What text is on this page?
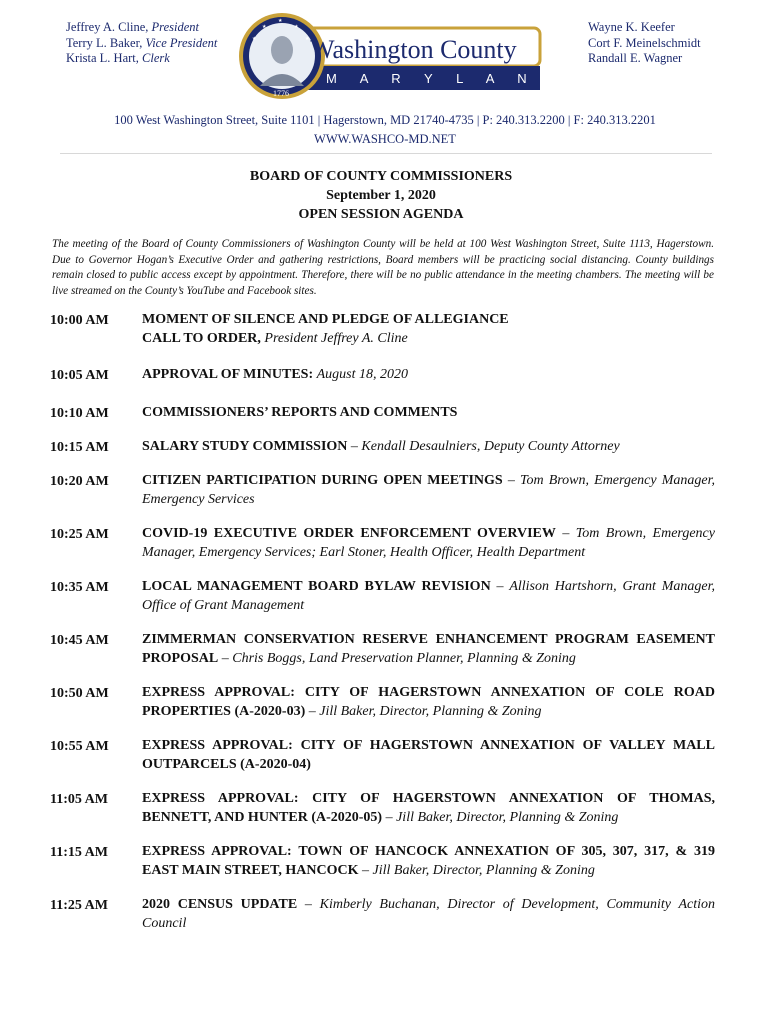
Jeffrey A. Cline, President
Terry L. Baker, Vice President
Krista L. Hart, Clerk
★
★
★
★
★
1776
Washington County
M A R Y L A N D
Wayne K. Keefer
Cort F. Meinelschmidt
Randall E. Wagner
100 West Washington Street, Suite 1101 | Hagerstown, MD 21740-4735 | P: 240.313.2200 | F: 240.313.2201
WWW.WASHCO-MD.NET
BOARD OF COUNTY COMMISSIONERS
September 1, 2020
OPEN SESSION AGENDA
The meeting of the Board of County Commissioners of Washington County will be held at 100 West Washington Street, Suite 1113, Hagerstown. Due to Governor Hogan’s Executive Order and gathering restrictions, Board members will be practicing social distancing. County buildings remain closed to public access except by appointment. Therefore, there will be no public attendance in the meeting chambers. The meeting will be live streamed on the County’s YouTube and Facebook sites.
10:00 AM	MOMENT OF SILENCE AND PLEDGE OF ALLEGIANCE
CALL TO ORDER, President Jeffrey A. Cline
10:05 AM	APPROVAL OF MINUTES: August 18, 2020
10:10 AM	COMMISSIONERS’ REPORTS AND COMMENTS
10:15 AM	SALARY STUDY COMMISSION – Kendall Desaulniers, Deputy County Attorney
10:20 AM	CITIZEN PARTICIPATION DURING OPEN MEETINGS – Tom Brown, Emergency Manager, Emergency Services
10:25 AM	COVID-19 EXECUTIVE ORDER ENFORCEMENT OVERVIEW – Tom Brown, Emergency Manager, Emergency Services; Earl Stoner, Health Officer, Health Department
10:35 AM	LOCAL MANAGEMENT BOARD BYLAW REVISION – Allison Hartshorn, Grant Manager, Office of Grant Management
10:45 AM	ZIMMERMAN CONSERVATION RESERVE ENHANCEMENT PROGRAM EASEMENT PROPOSAL – Chris Boggs, Land Preservation Planner, Planning & Zoning
10:50 AM	EXPRESS APPROVAL: CITY OF HAGERSTOWN ANNEXATION OF COLE ROAD PROPERTIES (A-2020-03) – Jill Baker, Director, Planning & Zoning
10:55 AM	EXPRESS APPROVAL: CITY OF HAGERSTOWN ANNEXATION OF VALLEY MALL OUTPARCELS (A-2020-04)
11:05 AM	EXPRESS APPROVAL: CITY OF HAGERSTOWN ANNEXATION OF THOMAS, BENNETT, AND HUNTER (A-2020-05) – Jill Baker, Director, Planning & Zoning
11:15 AM	EXPRESS APPROVAL: TOWN OF HANCOCK ANNEXATION OF 305, 307, 317, & 319 EAST MAIN STREET, HANCOCK – Jill Baker, Director, Planning & Zoning
11:25 AM	2020 CENSUS UPDATE – Kimberly Buchanan, Director of Development, Community Action Council
